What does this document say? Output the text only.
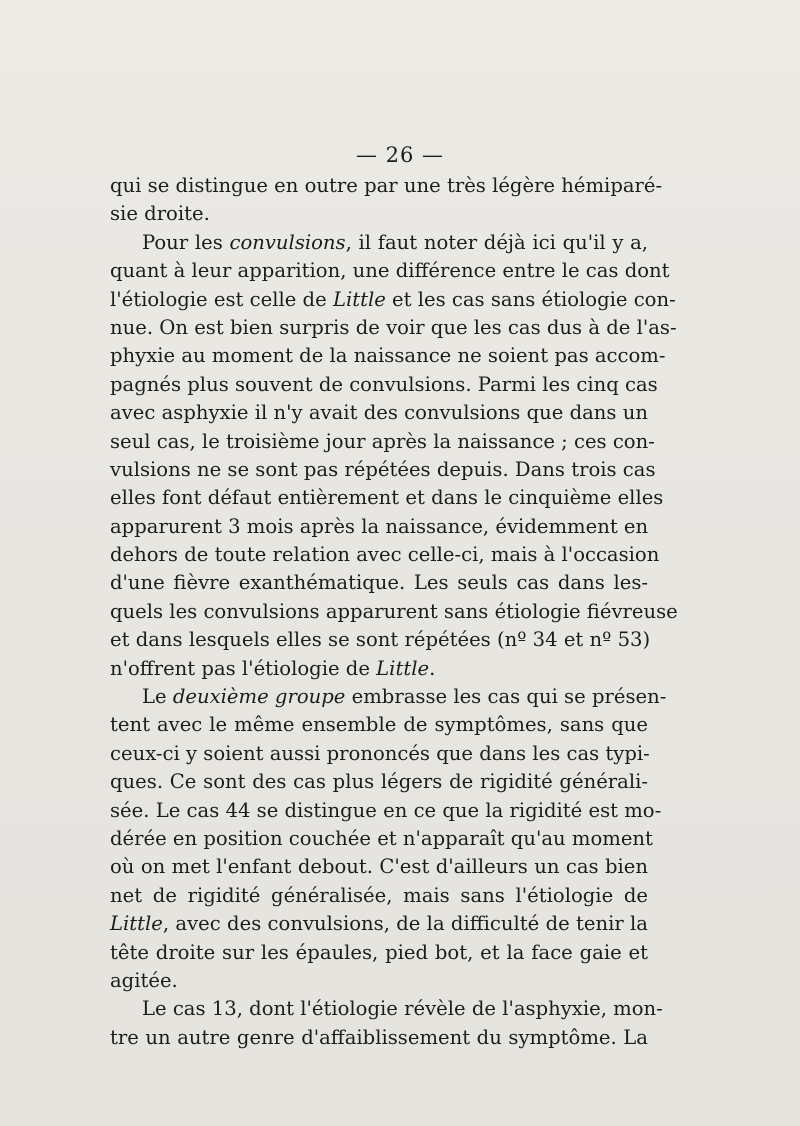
— 26 —
qui se distingue en outre par une très légère hémiparé-
sie droite.
Pour les convulsions, il faut noter déjà ici qu'il y a,
quant à leur apparition, une différence entre le cas dont
l'étiologie est celle de Little et les cas sans étiologie con-
nue. On est bien surpris de voir que les cas dus à de l'as-
phyxie au moment de la naissance ne soient pas accom-
pagnés plus souvent de convulsions. Parmi les cinq cas
avec asphyxie il n'y avait des convulsions que dans un
seul cas, le troisième jour après la naissance ; ces con-
vulsions ne se sont pas répétées depuis. Dans trois cas
elles font défaut entièrement et dans le cinquième elles
apparurent 3 mois après la naissance, évidemment en
dehors de toute relation avec celle-ci, mais à l'occasion
d'une fièvre exanthématique. Les seuls cas dans les-
quels les convulsions apparurent sans étiologie fiévreuse
et dans lesquels elles se sont répétées (nº 34 et nº 53)
n'offrent pas l'étiologie de Little.
Le deuxième groupe embrasse les cas qui se présen-
tent avec le même ensemble de symptômes, sans que
ceux-ci y soient aussi prononcés que dans les cas typi-
ques. Ce sont des cas plus légers de rigidité générali-
sée. Le cas 44 se distingue en ce que la rigidité est mo-
dérée en position couchée et n'apparaît qu'au moment
où on met l'enfant debout. C'est d'ailleurs un cas bien
net de rigidité généralisée, mais sans l'étiologie de
Little, avec des convulsions, de la difficulté de tenir la
tête droite sur les épaules, pied bot, et la face gaie et
agitée.
Le cas 13, dont l'étiologie révèle de l'asphyxie, mon-
tre un autre genre d'affaiblissement du symptôme. La
